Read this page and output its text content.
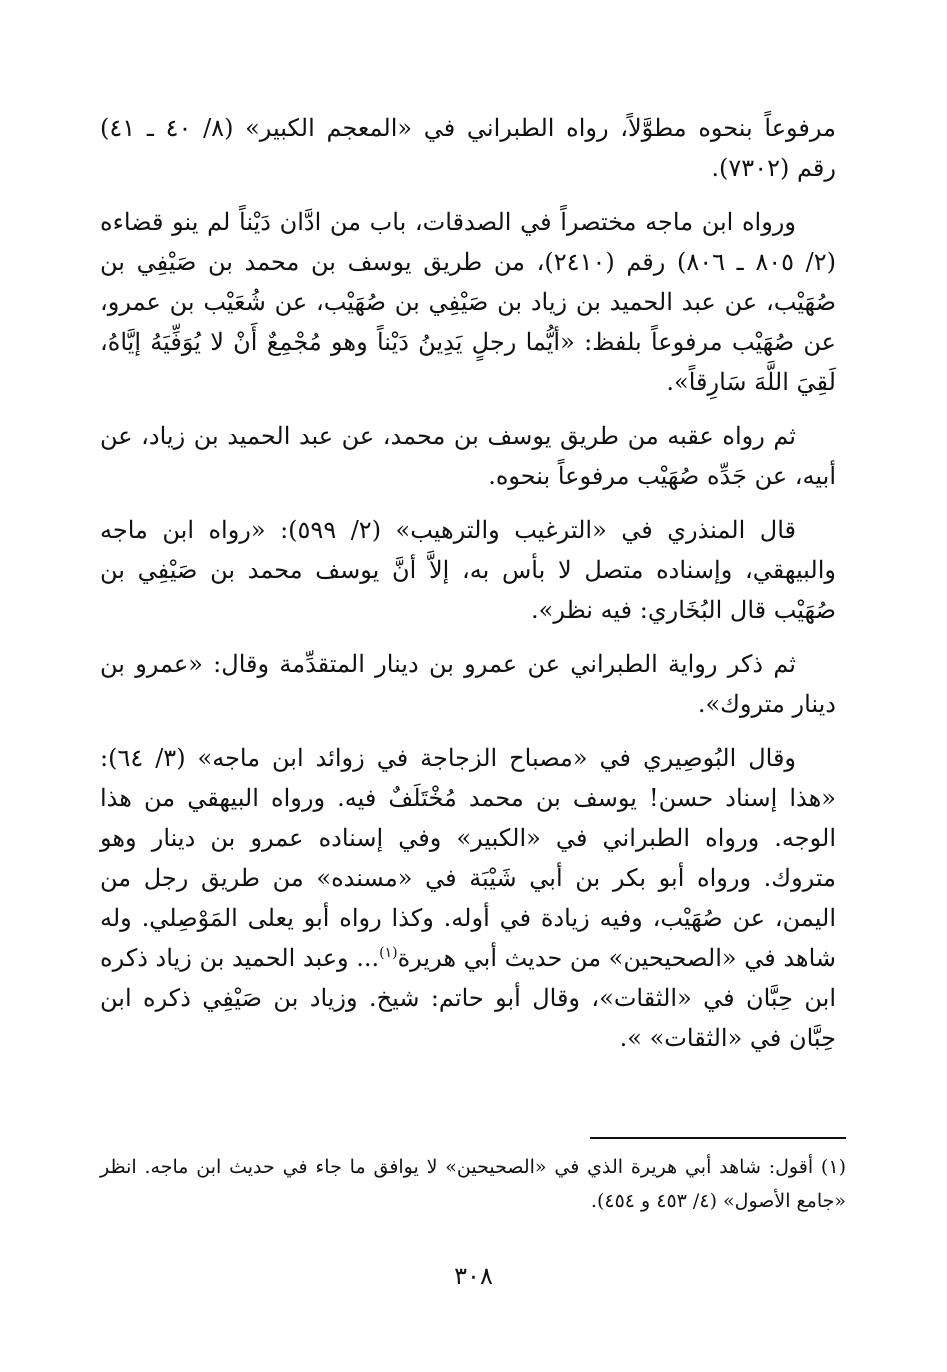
مرفوعاً بنحوه مطوَّلاً، رواه الطبراني في «المعجم الكبير» (٨/ ٤٠ ـ ٤١) رقم (٧٣٠٢).

ورواه ابن ماجه مختصراً في الصدقات، باب من ادَّان دَيْناً لم ينو قضاءه (٢/ ٨٠٥ ـ ٨٠٦) رقم (٢٤١٠)، من طريق يوسف بن محمد بن صَيْفِي بن صُهَيْب، عن عبد الحميد بن زياد بن صَيْفِي بن صُهَيْب، عن شُعَيْب بن عمرو، عن صُهَيْب مرفوعاً بلفظ: «أيُّما رجلٍ يَدِينُ دَيْناً وهو مُجْمِعٌ أَنْ لا يُوَفِّيَهُ إيَّاهُ، لَقِيَ اللَّهَ سَارِقاً».

ثم رواه عقبه من طريق يوسف بن محمد، عن عبد الحميد بن زياد، عن أبيه، عن جَدِّه صُهَيْب مرفوعاً بنحوه.

قال المنذري في «الترغيب والترهيب» (٢/ ٥٩٩): «رواه ابن ماجه والبيهقي، وإسناده متصل لا بأس به، إلاَّ أنَّ يوسف محمد بن صَيْفِي بن صُهَيْب قال البُخَاري: فيه نظر».

ثم ذكر رواية الطبراني عن عمرو بن دينار المتقدِّمة وقال: «عمرو بن دينار متروك».

وقال البُوصِيري في «مصباح الزجاجة في زوائد ابن ماجه» (٣/ ٦٤): «هذا إسناد حسن! يوسف بن محمد مُخْتَلَفٌ فيه. ورواه البيهقي من هذا الوجه. ورواه الطبراني في «الكبير» وفي إسناده عمرو بن دينار وهو متروك. ورواه أبو بكر بن أبي شَيْبَة في «مسنده» من طريق رجل من اليمن، عن صُهَيْب، وفيه زيادة في أوله. وكذا رواه أبو يعلى المَوْصِلي. وله شاهد في «الصحيحين» من حديث أبي هريرة$^{(١)}$... وعبد الحميد بن زياد ذكره ابن حِبَّان في «الثقات»، وقال أبو حاتم: شيخ. وزياد بن صَيْفِي ذكره ابن حِبَّان في «الثقات» ».

(١) أقول: شاهد أبي هريرة الذي في «الصحيحين» لا يوافق ما جاء في حديث ابن ماجه. انظر «جامع الأصول» (٤/ ٤٥٣ و ٤٥٤).
٣٠٨
